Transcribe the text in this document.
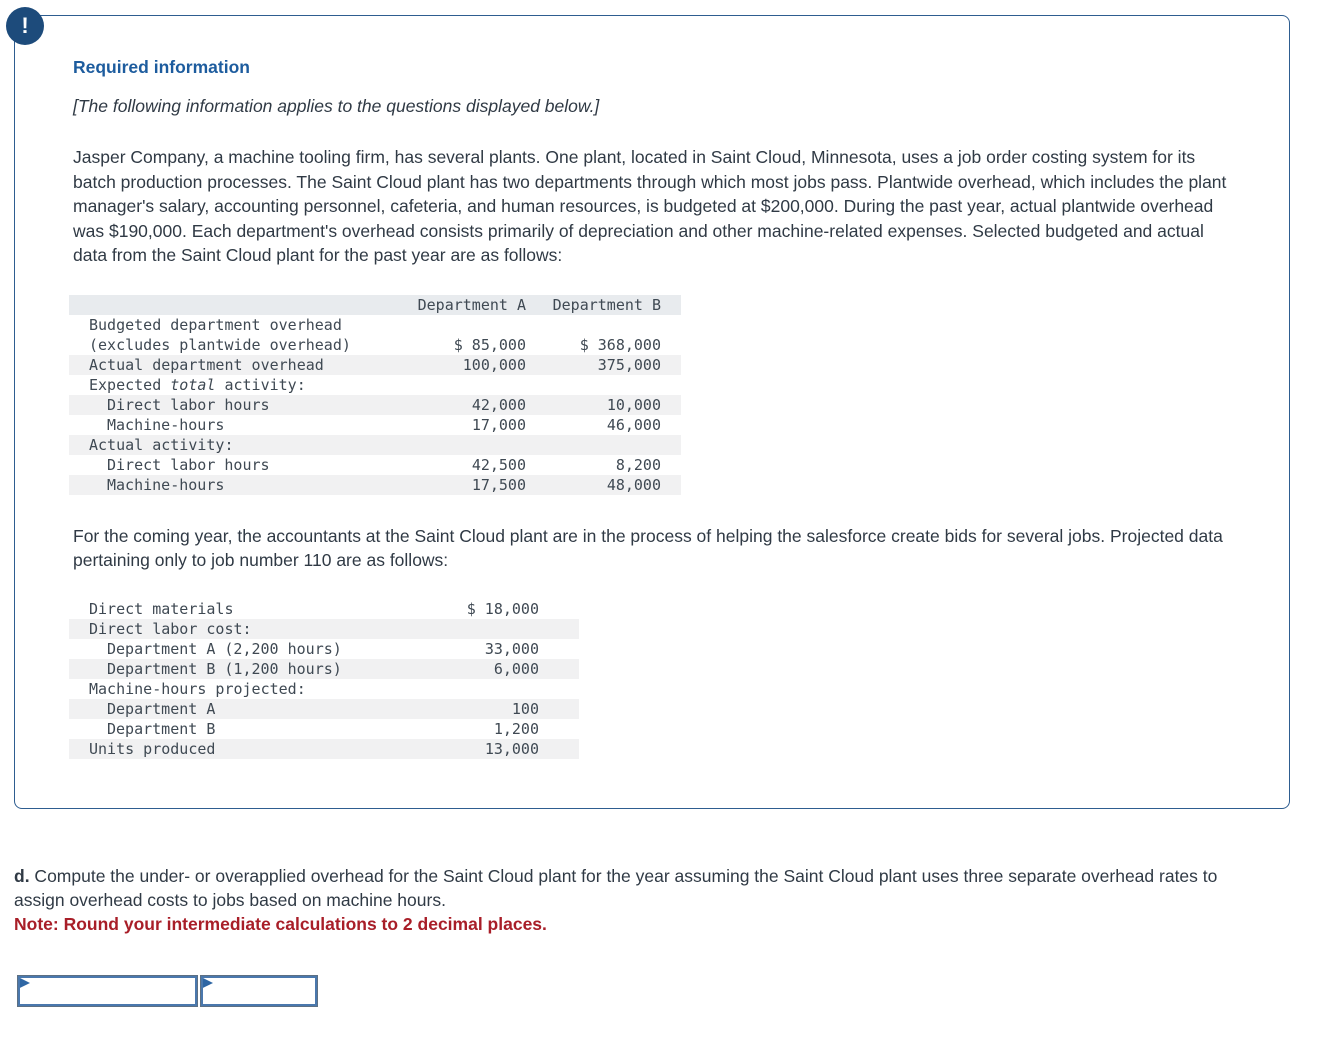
!
Required information
[The following information applies to the questions displayed below.]

Jasper Company, a machine tooling firm, has several plants. One plant, located in Saint Cloud, Minnesota, uses a job order costing system for its batch production processes. The Saint Cloud plant has two departments through which most jobs pass. Plantwide overhead, which includes the plant manager's salary, accounting personnel, cafeteria, and human resources, is budgeted at $200,000. During the past year, actual plantwide overhead was $190,000. Each department's overhead consists primarily of depreciation and other machine-related expenses. Selected budgeted and actual data from the Saint Cloud plant for the past year are as follows:

	Department A	Department B
Budgeted department overhead		
(excludes plantwide overhead)	$ 85,000	$ 368,000
Actual department overhead	100,000	375,000
Expected total activity:		
Direct labor hours	42,000	10,000
Machine-hours	17,000	46,000
Actual activity:		
Direct labor hours	42,500	8,200
Machine-hours	17,500	48,000

For the coming year, the accountants at the Saint Cloud plant are in the process of helping the salesforce create bids for several jobs. Projected data pertaining only to job number 110 are as follows:

Direct materials	$ 18,000
Direct labor cost:	
Department A (2,200 hours)	33,000
Department B (1,200 hours)	6,000
Machine-hours projected:	
Department A	100
Department B	1,200
Units produced	13,000

d. Compute the under- or overapplied overhead for the Saint Cloud plant for the year assuming the Saint Cloud plant uses three separate overhead rates to assign overhead costs to jobs based on machine hours.

Note: Round your intermediate calculations to 2 decimal places.
